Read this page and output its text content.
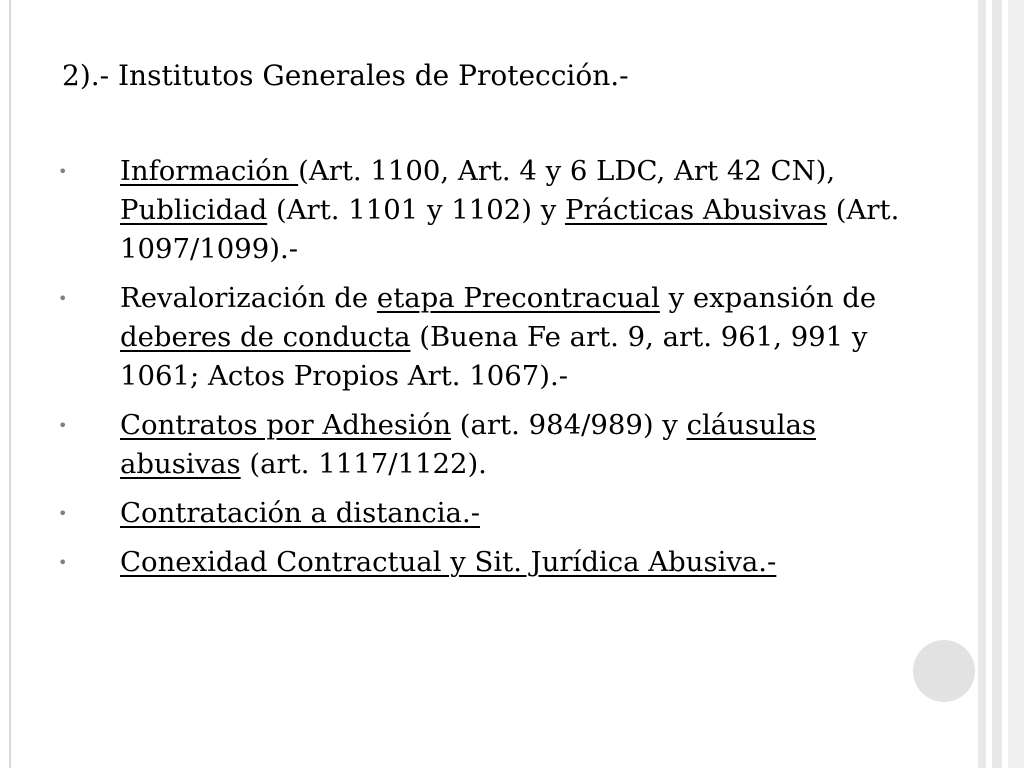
2).- Institutos Generales de Protección.-
• Información (Art. 1100, Art. 4 y 6 LDC, Art 42 CN), Publicidad (Art. 1101 y 1102) y Prácticas Abusivas (Art. 1097/1099).-
• Revalorización de etapa Precontracual y expansión de deberes de conducta (Buena Fe art. 9, art. 961, 991 y 1061; Actos Propios Art. 1067).-
• Contratos por Adhesión (art. 984/989) y cláusulas abusivas (art. 1117/1122).
• Contratación a distancia.-
• Conexidad Contractual y Sit. Jurídica Abusiva.-
